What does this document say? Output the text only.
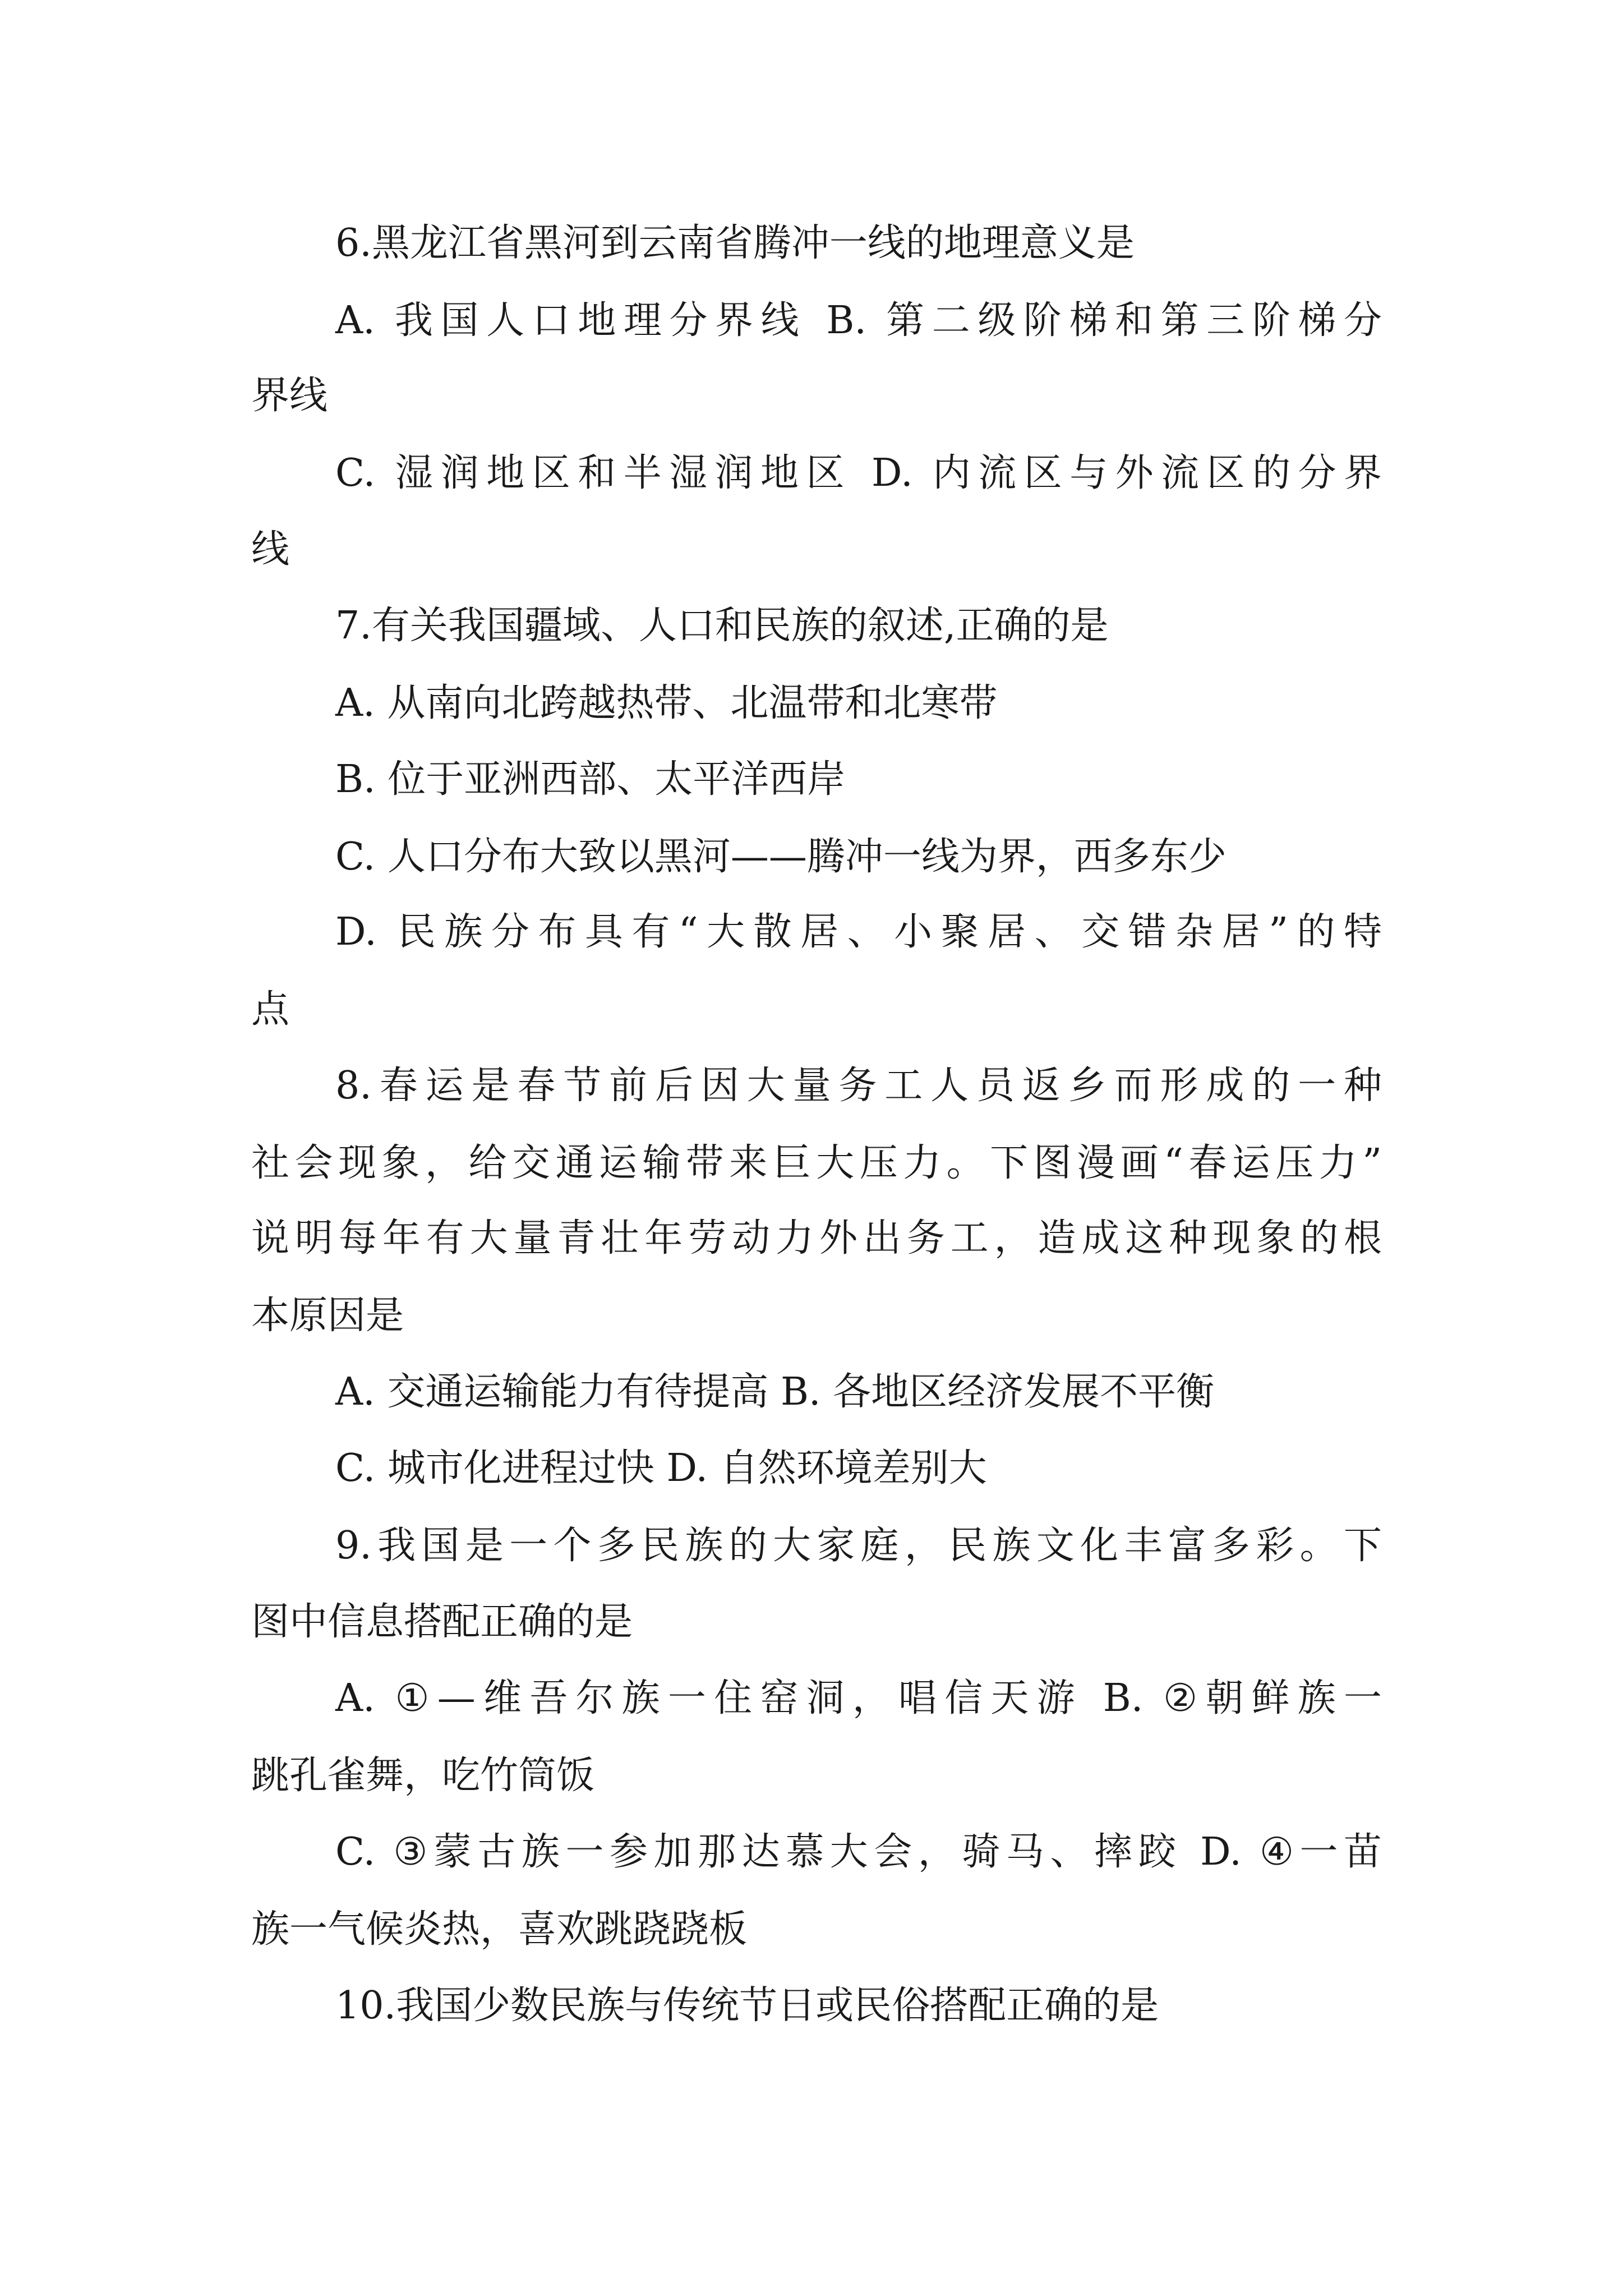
6.黑龙江省黑河到云南省腾冲一线的地理意义是
A. 我国人口地理分界线 B. 第二级阶梯和第三阶梯分
界线
C. 湿润地区和半湿润地区 D. 内流区与外流区的分界
线
7.有关我国疆域、人口和民族的叙述,正确的是
A. 从南向北跨越热带、北温带和北寒带
B. 位于亚洲西部、太平洋西岸
C. 人口分布大致以黑河——腾冲一线为界，西多东少
D. 民族分布具有“大散居、小聚居、交错杂居”的特
点
8.春运是春节前后因大量务工人员返乡而形成的一种
社会现象，给交通运输带来巨大压力。下图漫画“春运压力”
说明每年有大量青壮年劳动力外出务工，造成这种现象的根
本原因是
A. 交通运输能力有待提高 B. 各地区经济发展不平衡
C. 城市化进程过快 D. 自然环境差别大
9.我国是一个多民族的大家庭，民族文化丰富多彩。下
图中信息搭配正确的是
A. ①—维吾尔族一住窑洞，唱信天游 B. ②朝鲜族一
跳孔雀舞，吃竹筒饭
C. ③蒙古族一参加那达慕大会，骑马、摔跤 D. ④一苗
族一气候炎热，喜欢跳跷跷板
10.我国少数民族与传统节日或民俗搭配正确的是
